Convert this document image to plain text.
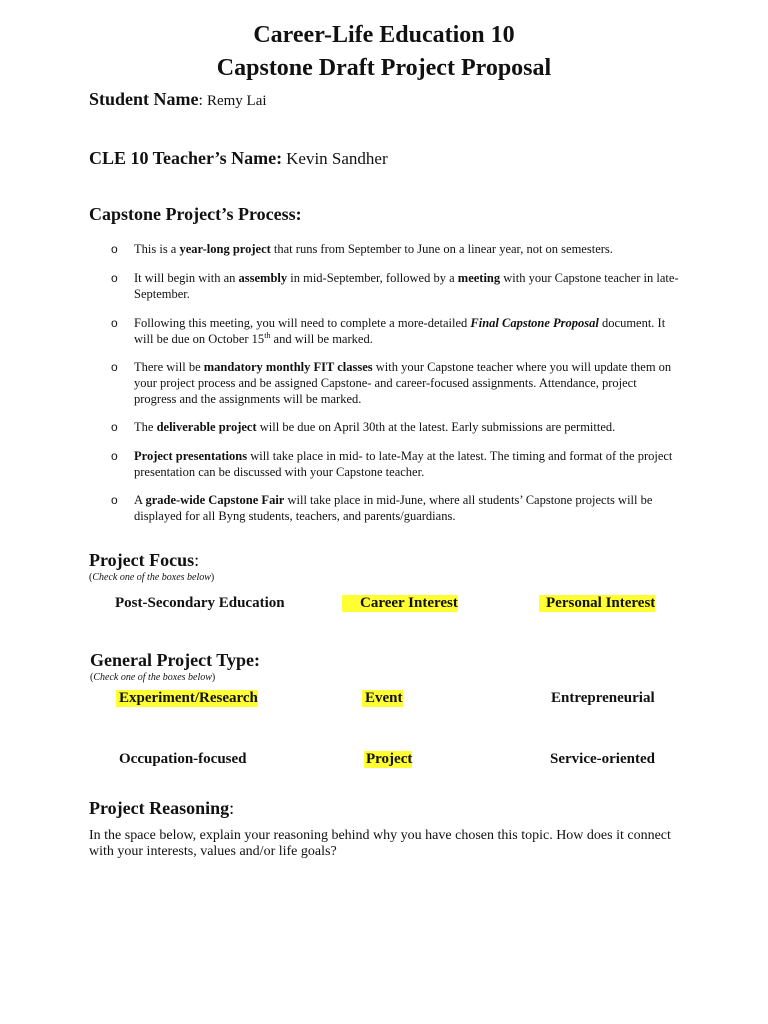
Career-Life Education 10
Capstone Draft Project Proposal
Student Name: Remy Lai
CLE 10 Teacher’s Name: Kevin Sandher
Capstone Project’s Process:
o This is a year-long project that runs from September to June on a linear year, not on semesters.
o It will begin with an assembly in mid-September, followed by a meeting with your Capstone teacher in late-September.
o Following this meeting, you will need to complete a more-detailed Final Capstone Proposal document. It will be due on October 15th and will be marked.
o There will be mandatory monthly FIT classes with your Capstone teacher where you will update them on your project process and be assigned Capstone- and career-focused assignments. Attendance, project progress and the assignments will be marked.
o The deliverable project will be due on April 30th at the latest. Early submissions are permitted.
o Project presentations will take place in mid- to late-May at the latest. The timing and format of the project presentation can be discussed with your Capstone teacher.
o A grade-wide Capstone Fair will take place in mid-June, where all students’ Capstone projects will be displayed for all Byng students, teachers, and parents/guardians.
Project Focus:
(Check one of the boxes below)
Post-Secondary Education	Career Interest	Personal Interest
General Project Type:
(Check one of the boxes below)
Experiment/Research	Event	Entrepreneurial
Occupation-focused	Project	Service-oriented
Project Reasoning:
In the space below, explain your reasoning behind why you have chosen this topic. How does it connect with your interests, values and/or life goals?
